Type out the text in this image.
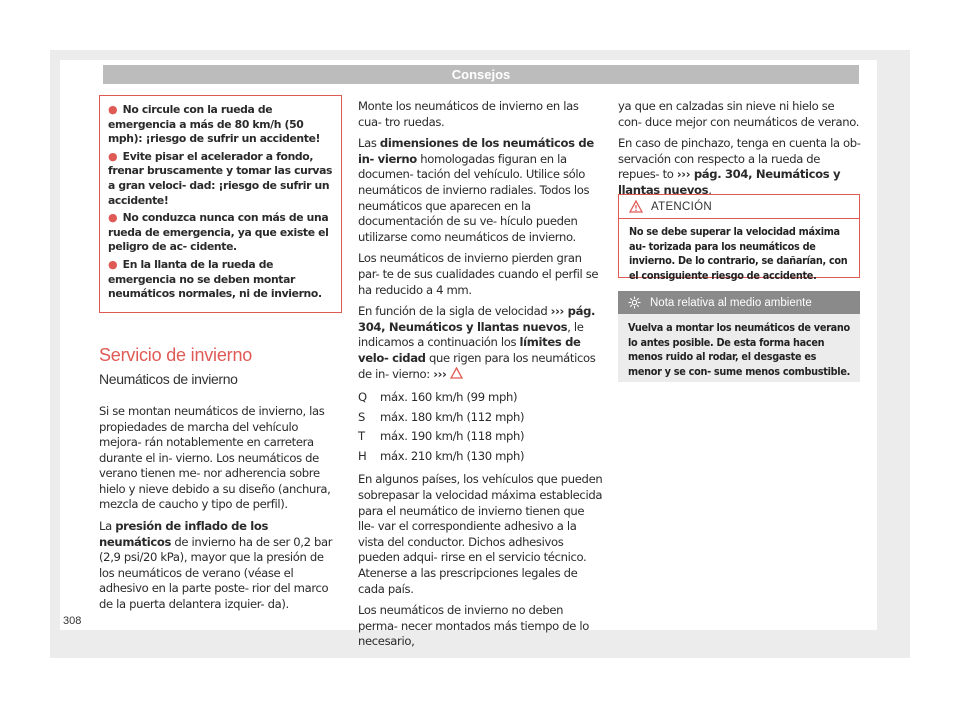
Consejos
● No circule con la rueda de emergencia a más de 80 km/h (50 mph): ¡riesgo de sufrir un accidente!
● Evite pisar el acelerador a fondo, frenar bruscamente y tomar las curvas a gran veloci- dad: ¡riesgo de sufrir un accidente!
● No conduzca nunca con más de una rueda de emergencia, ya que existe el peligro de ac- cidente.
● En la llanta de la rueda de emergencia no se deben montar neumáticos normales, ni de invierno.
Servicio de invierno
Neumáticos de invierno

Si se montan neumáticos de invierno, las propiedades de marcha del vehículo mejora- rán notablemente en carretera durante el in- vierno. Los neumáticos de verano tienen me- nor adherencia sobre hielo y nieve debido a su diseño (anchura, mezcla de caucho y tipo de perfil).

La presión de inflado de los neumáticos de invierno ha de ser 0,2 bar (2,9 psi/20 kPa), mayor que la presión de los neumáticos de verano (véase el adhesivo en la parte poste- rior del marco de la puerta delantera izquier- da).

Monte los neumáticos de invierno en las cua- tro ruedas.

Las dimensiones de los neumáticos de in- vierno homologadas figuran en la documen- tación del vehículo. Utilice sólo neumáticos de invierno radiales. Todos los neumáticos que aparecen en la documentación de su ve- hículo pueden utilizarse como neumáticos de invierno.

Los neumáticos de invierno pierden gran par- te de sus cualidades cuando el perfil se ha reducido a 4 mm.

En función de la sigla de velocidad ››› pág. 304, Neumáticos y llantas nuevos, le indicamos a continuación los límites de velo- cidad que rigen para los neumáticos de in- vierno: ›››

Q	máx. 160 km/h (99 mph)
S	máx. 180 km/h (112 mph)
T	máx. 190 km/h (118 mph)
H	máx. 210 km/h (130 mph)

En algunos países, los vehículos que pueden sobrepasar la velocidad máxima establecida para el neumático de invierno tienen que lle- var el correspondiente adhesivo a la vista del conductor. Dichos adhesivos pueden adqui- rirse en el servicio técnico. Atenerse a las prescripciones legales de cada país.

Los neumáticos de invierno no deben perma- necer montados más tiempo de lo necesario,

ya que en calzadas sin nieve ni hielo se con- duce mejor con neumáticos de verano.

En caso de pinchazo, tenga en cuenta la ob- servación con respecto a la rueda de repues- to ››› pág. 304, Neumáticos y llantas nuevos.

ATENCIÓN
No se debe superar la velocidad máxima au- torizada para los neumáticos de invierno. De lo contrario, se dañarían, con el consiguiente riesgo de accidente.
Nota relativa al medio ambiente
Vuelva a montar los neumáticos de verano lo antes posible. De esta forma hacen menos ruido al rodar, el desgaste es menor y se con- sume menos combustible.
308
